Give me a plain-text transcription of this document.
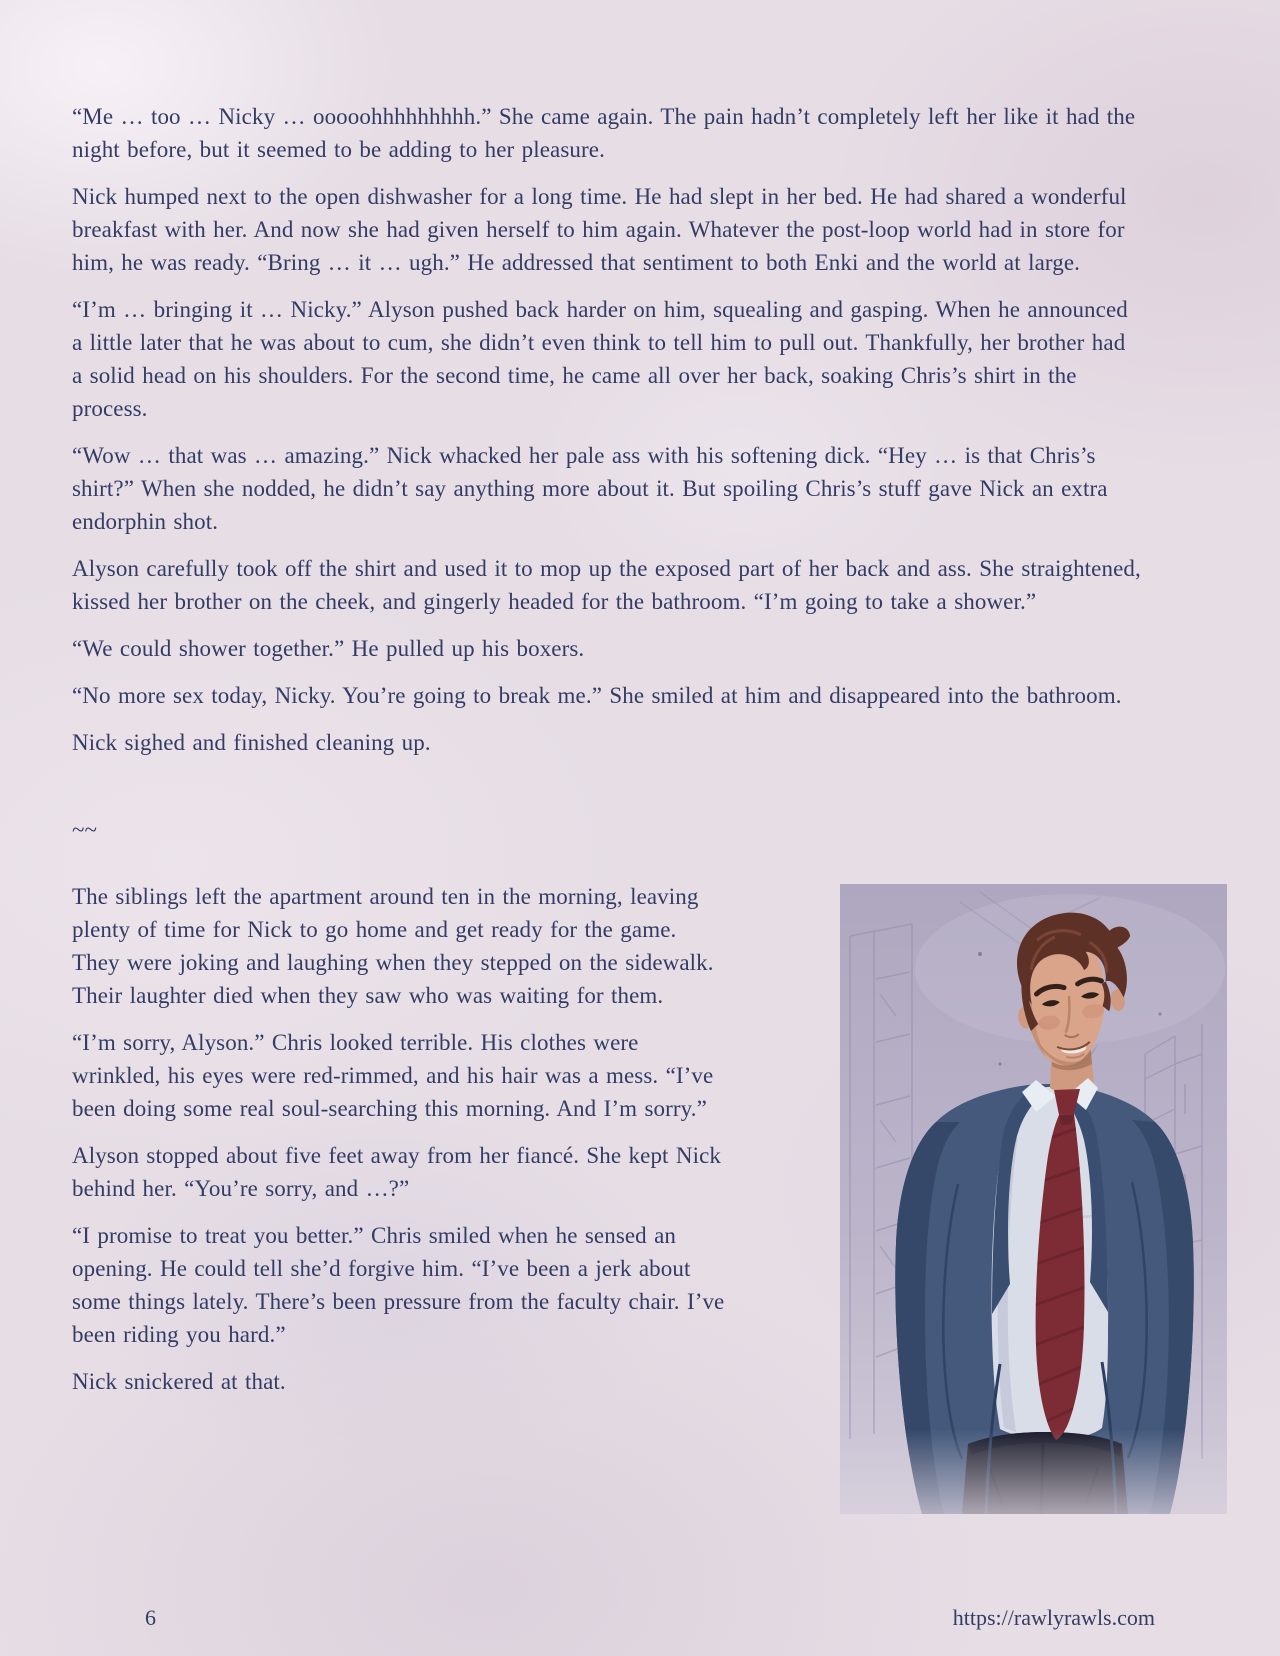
“Me … too … Nicky … ooooohhhhhhhhh.” She came again. The pain hadn’t completely left her like it had the night before, but it seemed to be adding to her pleasure.

Nick humped next to the open dishwasher for a long time. He had slept in her bed. He had shared a wonderful breakfast with her. And now she had given herself to him again. Whatever the post-loop world had in store for him, he was ready. “Bring … it … ugh.” He addressed that sentiment to both Enki and the world at large.

“I’m … bringing it … Nicky.” Alyson pushed back harder on him, squealing and gasping. When he announced a little later that he was about to cum, she didn’t even think to tell him to pull out. Thankfully, her brother had a solid head on his shoulders. For the second time, he came all over her back, soaking Chris’s shirt in the process.

“Wow … that was … amazing.” Nick whacked her pale ass with his softening dick. “Hey … is that Chris’s shirt?” When she nodded, he didn’t say anything more about it. But spoiling Chris’s stuff gave Nick an extra endorphin shot.

Alyson carefully took off the shirt and used it to mop up the exposed part of her back and ass. She straightened, kissed her brother on the cheek, and gingerly headed for the bathroom. “I’m going to take a shower.”

“We could shower together.” He pulled up his boxers.

“No more sex today, Nicky. You’re going to break me.” She smiled at him and disappeared into the bathroom.

Nick sighed and finished cleaning up.

~~

The siblings left the apartment around ten in the morning, leaving plenty of time for Nick to go home and get ready for the game. They were joking and laughing when they stepped on the sidewalk. Their laughter died when they saw who was waiting for them.

“I’m sorry, Alyson.” Chris looked terrible. His clothes were wrinkled, his eyes were red-rimmed, and his hair was a mess. “I’ve been doing some real soul-searching this morning. And I’m sorry.”

Alyson stopped about five feet away from her fiancé. She kept Nick behind her. “You’re sorry, and …?”

“I promise to treat you better.” Chris smiled when he sensed an opening. He could tell she’d forgive him. “I’ve been a jerk about some things lately. There’s been pressure from the faculty chair. I’ve been riding you hard.”

Nick snickered at that.

6	https://rawlyrawls.com
